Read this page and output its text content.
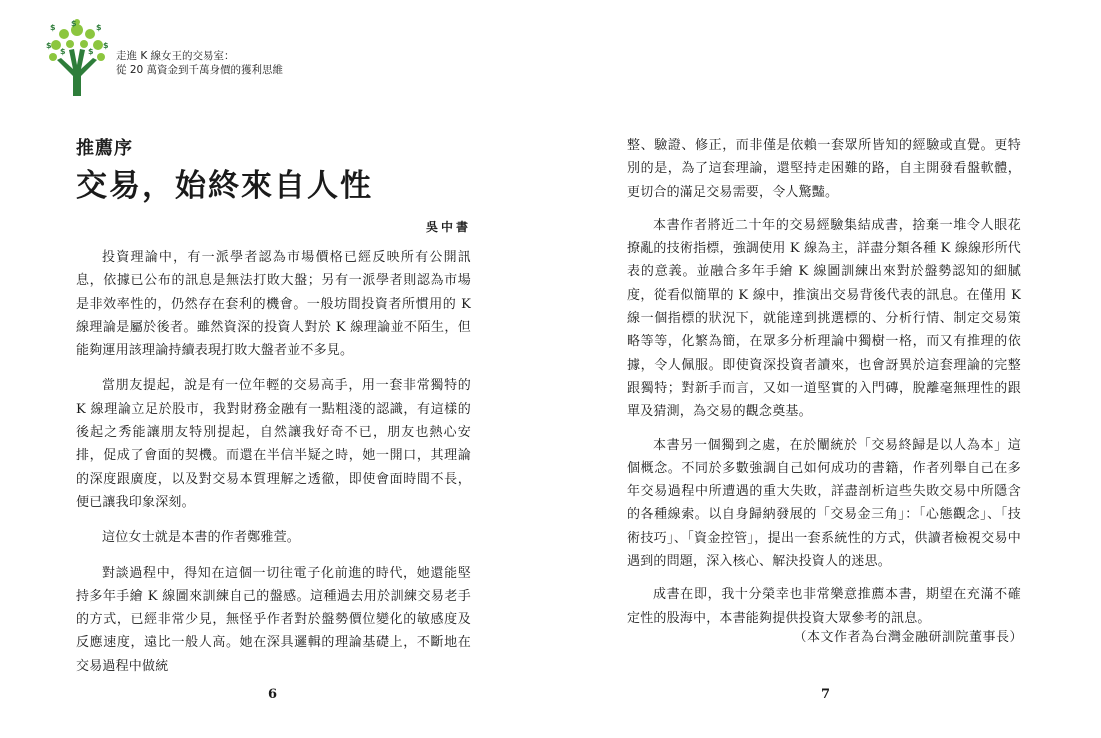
$ $ $
$	$
$	$
走進 K 線女王的交易室：
從 20 萬資金到千萬身價的獲利思維
推薦序
交易，始終來自人性
吳中書

投資理論中，有一派學者認為市場價格已經反映所有公開訊息，依據已公布的訊息是無法打敗大盤；另有一派學者則認為市場是非效率性的，仍然存在套利的機會。一般坊間投資者所慣用的 K 線理論是屬於後者。雖然資深的投資人對於 K 線理論並不陌生，但能夠運用該理論持續表現打敗大盤者並不多見。

當朋友提起，說是有一位年輕的交易高手，用一套非常獨特的 K 線理論立足於股市，我對財務金融有一點粗淺的認識，有這樣的後起之秀能讓朋友特別提起，自然讓我好奇不已，朋友也熱心安排，促成了會面的契機。而還在半信半疑之時，她一開口，其理論的深度跟廣度，以及對交易本質理解之透徹，即使會面時間不長，便已讓我印象深刻。

這位女士就是本書的作者鄭雅萱。

對談過程中，得知在這個一切往電子化前進的時代，她還能堅持多年手繪 K 線圖來訓練自己的盤感。這種過去用於訓練交易老手的方式，已經非常少見，無怪乎作者對於盤勢價位變化的敏感度及反應速度，遠比一般人高。她在深具邏輯的理論基礎上，不斷地在交易過程中做統

6

整、驗證、修正，而非僅是依賴一套眾所皆知的經驗或直覺。更特別的是，為了這套理論，還堅持走困難的路，自主開發看盤軟體，更切合的滿足交易需要，令人驚豔。

本書作者將近二十年的交易經驗集結成書，捨棄一堆令人眼花撩亂的技術指標，強調使用 K 線為主，詳盡分類各種 K 線線形所代表的意義。並融合多年手繪 K 線圖訓練出來對於盤勢認知的細膩度，從看似簡單的 K 線中，推演出交易背後代表的訊息。在僅用 K 線一個指標的狀況下，就能達到挑選標的、分析行情、制定交易策略等等，化繁為簡，在眾多分析理論中獨樹一格，而又有推理的依據，令人佩服。即使資深投資者讀來，也會訝異於這套理論的完整跟獨特；對新手而言，又如一道堅實的入門磚，脫離毫無理性的跟單及猜測，為交易的觀念奠基。

本書另一個獨到之處，在於闡統於「交易終歸是以人為本」這個概念。不同於多數強調自己如何成功的書籍，作者列舉自己在多年交易過程中所遭遇的重大失敗，詳盡剖析這些失敗交易中所隱含的各種線索。以自身歸納發展的「交易金三角」：「心態觀念」、「技術技巧」、「資金控管」，提出一套系統性的方式，供讀者檢視交易中遇到的問題，深入核心、解決投資人的迷思。

成書在即，我十分榮幸也非常樂意推薦本書，期望在充滿不確定性的股海中，本書能夠提供投資大眾參考的訊息。

（本文作者為台灣金融研訓院董事長）
7
